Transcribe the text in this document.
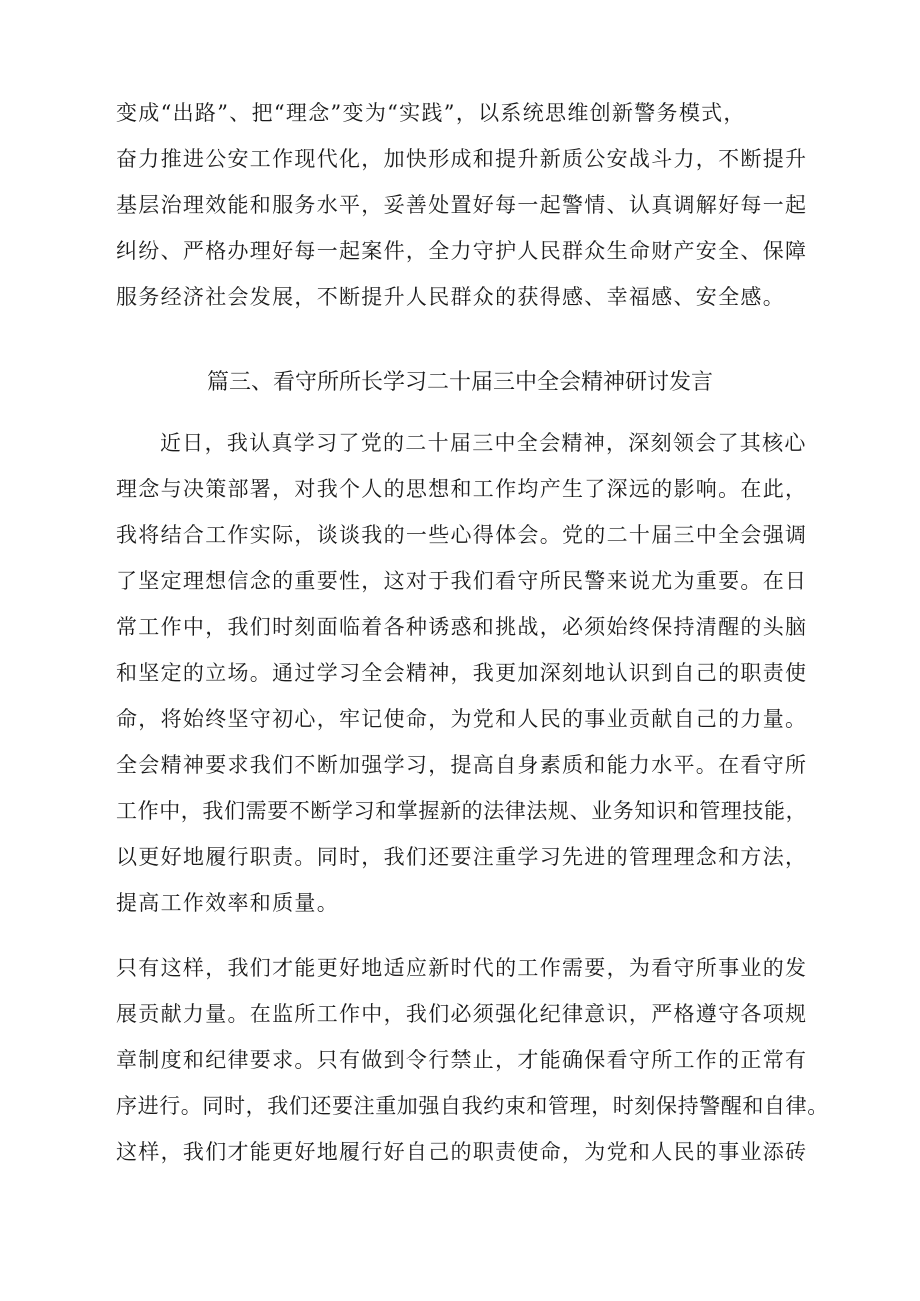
变成“出路”、把“理念”变为“实践”，以系统思维创新警务模式，
奋力推进公安工作现代化，加快形成和提升新质公安战斗力，不断提升
基层治理效能和服务水平，妥善处置好每一起警情、认真调解好每一起
纠纷、严格办理好每一起案件，全力守护人民群众生命财产安全、保障
服务经济社会发展，不断提升人民群众的获得感、幸福感、安全感。
篇三、看守所所长学习二十届三中全会精神研讨发言
近日，我认真学习了党的二十届三中全会精神，深刻领会了其核心
理念与决策部署，对我个人的思想和工作均产生了深远的影响。在此，
我将结合工作实际，谈谈我的一些心得体会。党的二十届三中全会强调
了坚定理想信念的重要性，这对于我们看守所民警来说尤为重要。在日
常工作中，我们时刻面临着各种诱惑和挑战，必须始终保持清醒的头脑
和坚定的立场。通过学习全会精神，我更加深刻地认识到自己的职责使
命，将始终坚守初心，牢记使命，为党和人民的事业贡献自己的力量。
全会精神要求我们不断加强学习，提高自身素质和能力水平。在看守所
工作中，我们需要不断学习和掌握新的法律法规、业务知识和管理技能，
以更好地履行职责。同时，我们还要注重学习先进的管理理念和方法，
提高工作效率和质量。
只有这样，我们才能更好地适应新时代的工作需要，为看守所事业的发
展贡献力量。在监所工作中，我们必须强化纪律意识，严格遵守各项规
章制度和纪律要求。只有做到令行禁止，才能确保看守所工作的正常有
序进行。同时，我们还要注重加强自我约束和管理，时刻保持警醒和自律。
这样，我们才能更好地履行好自己的职责使命，为党和人民的事业添砖
